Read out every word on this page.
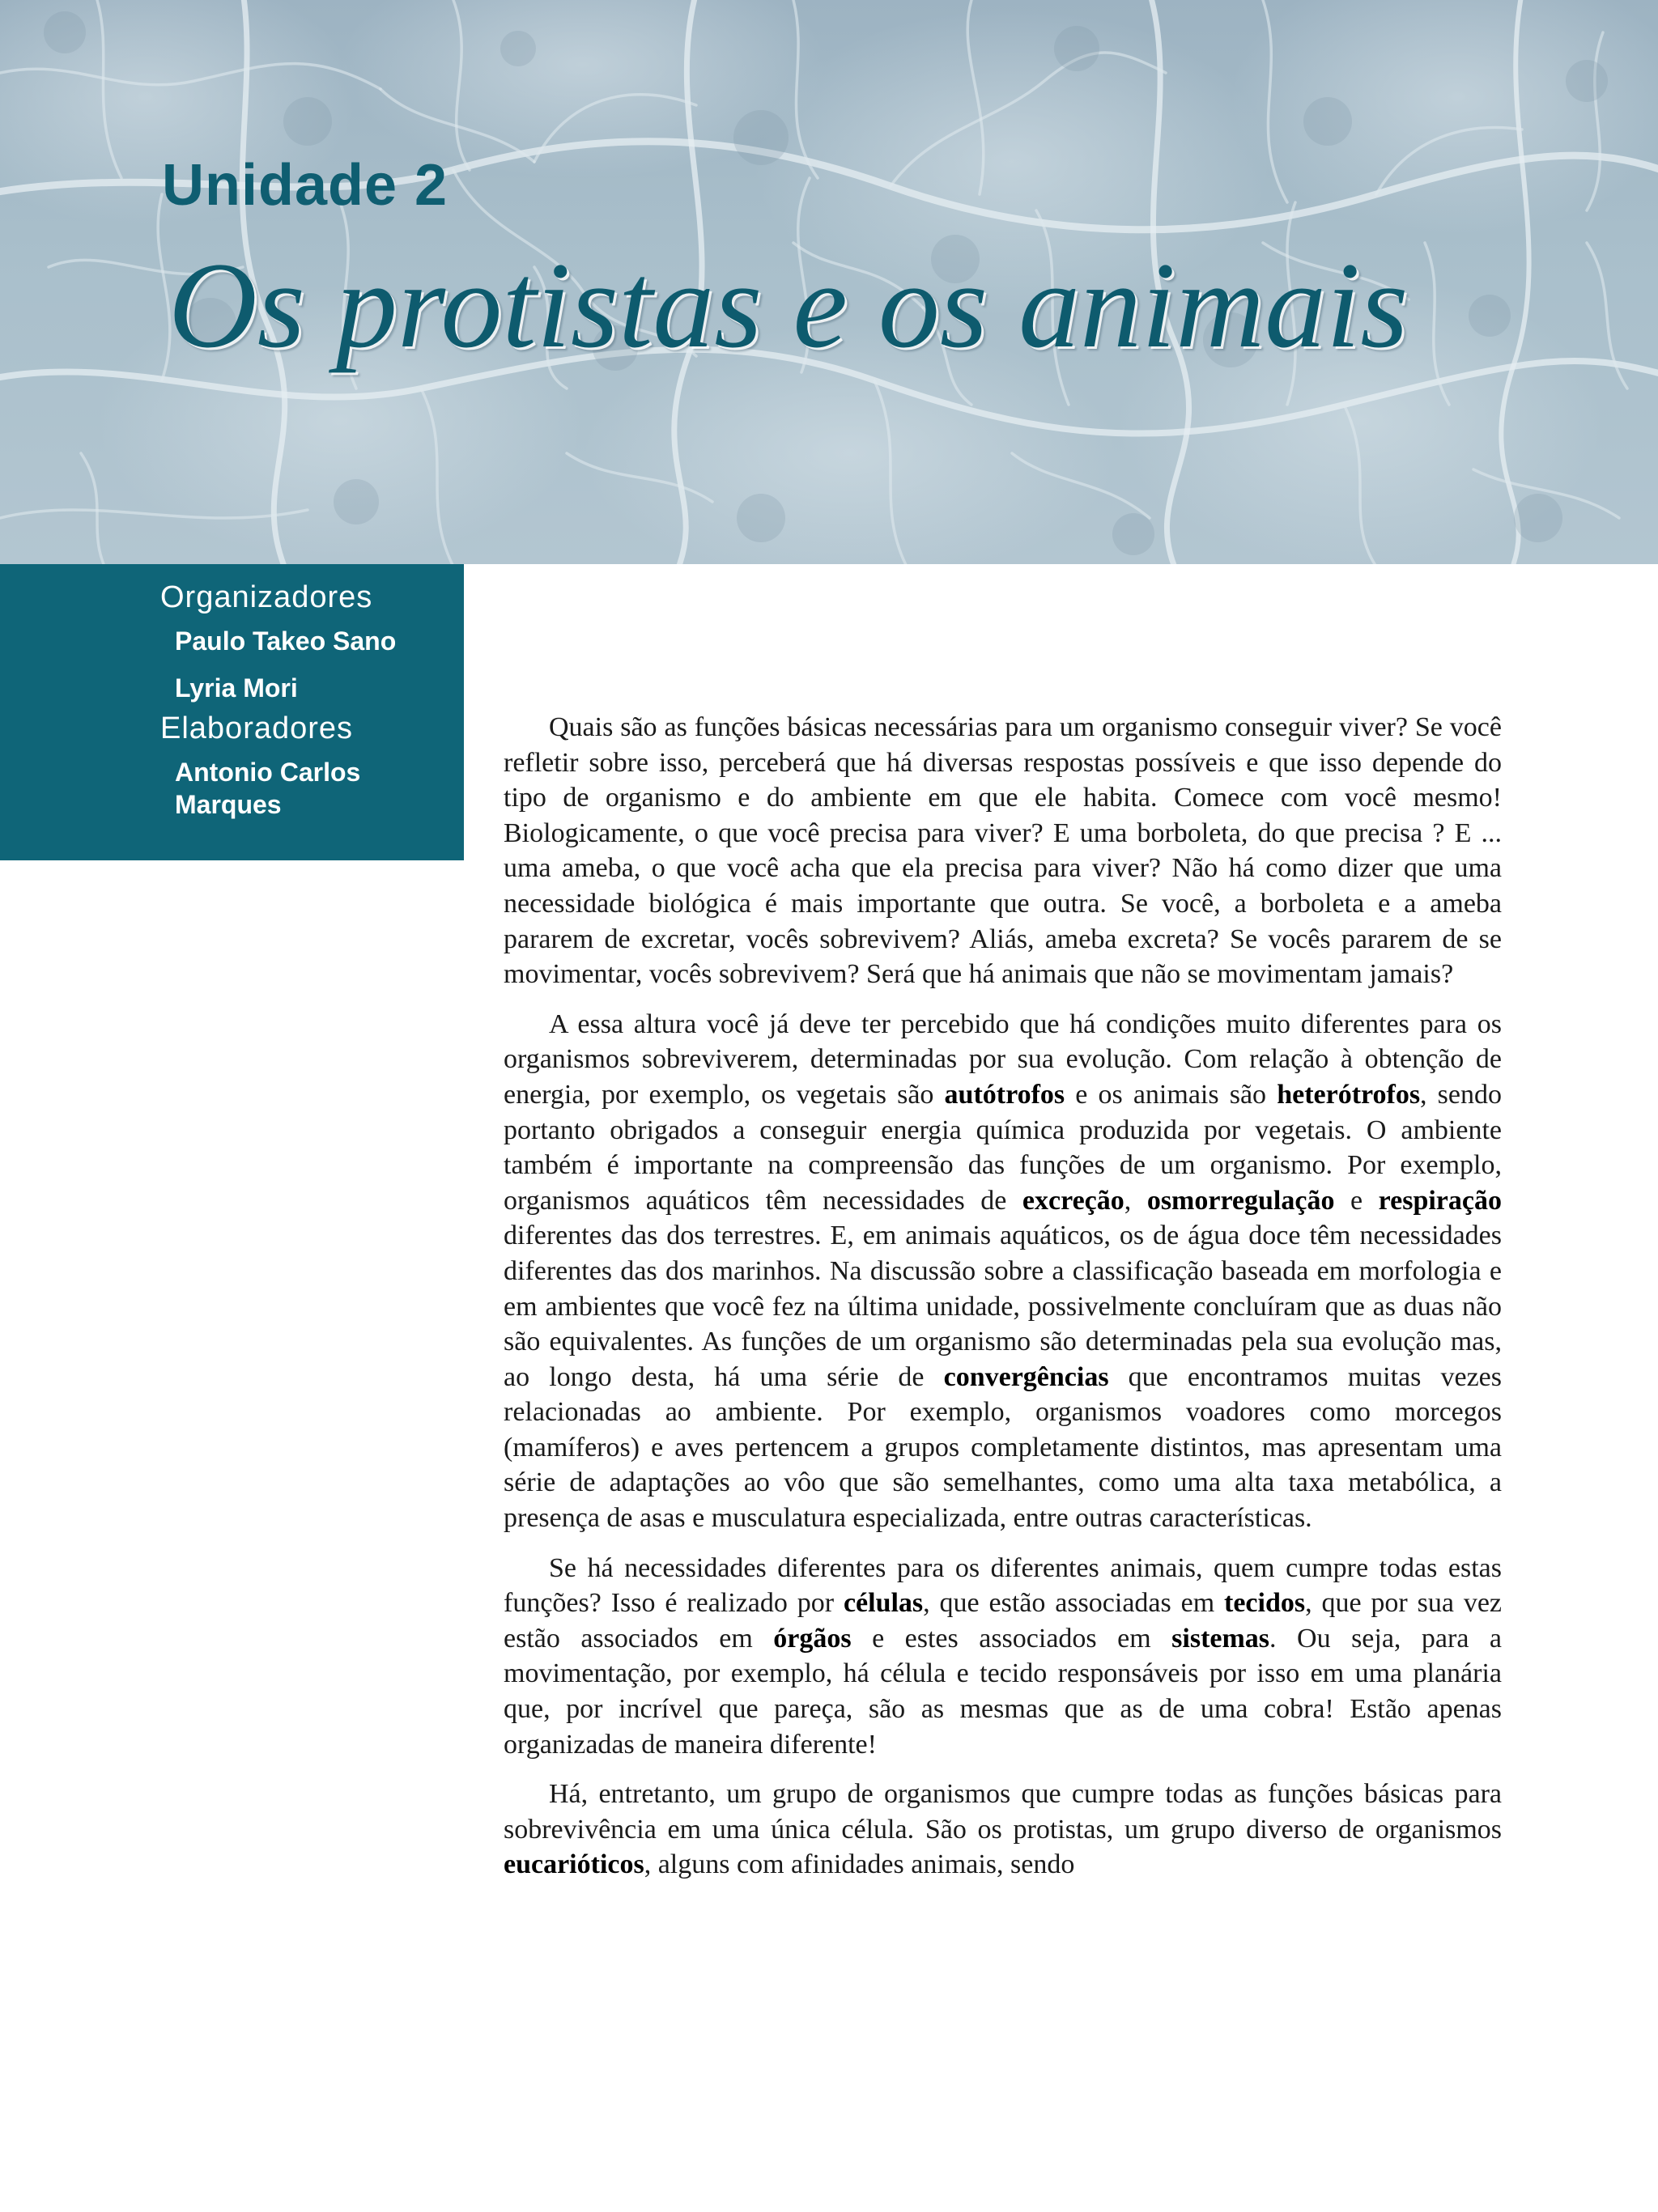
Unidade 2
Os protistas e os animais
Organizadores
Paulo Takeo Sano
Lyria Mori
Elaboradores
Antonio Carlos
Marques

Quais são as funções básicas necessárias para um organismo conseguir viver? Se você refletir sobre isso, perceberá que há diversas respostas possíveis e que isso depende do tipo de organismo e do ambiente em que ele habita. Comece com você mesmo! Biologicamente, o que você precisa para viver? E uma borboleta, do que precisa ? E ... uma ameba, o que você acha que ela precisa para viver? Não há como dizer que uma necessidade biológica é mais importante que outra. Se você, a borboleta e a ameba pararem de excretar, vocês sobrevivem? Aliás, ameba excreta? Se vocês pararem de se movimentar, vocês sobrevivem? Será que há animais que não se movimentam jamais?

A essa altura você já deve ter percebido que há condições muito diferentes para os organismos sobreviverem, determinadas por sua evolução. Com relação à obtenção de energia, por exemplo, os vegetais são autótrofos e os animais são heterótrofos, sendo portanto obrigados a conseguir energia química produzida por vegetais. O ambiente também é importante na compreensão das funções de um organismo. Por exemplo, organismos aquáticos têm necessidades de excreção, osmorregulação e respiração diferentes das dos terrestres. E, em animais aquáticos, os de água doce têm necessidades diferentes das dos marinhos. Na discussão sobre a classificação baseada em morfologia e em ambientes que você fez na última unidade, possivelmente concluíram que as duas não são equivalentes. As funções de um organismo são determinadas pela sua evolução mas, ao longo desta, há uma série de convergências que encontramos muitas vezes relacionadas ao ambiente. Por exemplo, organismos voadores como morcegos (mamíferos) e aves pertencem a grupos completamente distintos, mas apresentam uma série de adaptações ao vôo que são semelhantes, como uma alta taxa metabólica, a presença de asas e musculatura especializada, entre outras características.

Se há necessidades diferentes para os diferentes animais, quem cumpre todas estas funções? Isso é realizado por células, que estão associadas em tecidos, que por sua vez estão associados em órgãos e estes associados em sistemas. Ou seja, para a movimentação, por exemplo, há célula e tecido responsáveis por isso em uma planária que, por incrível que pareça, são as mesmas que as de uma cobra! Estão apenas organizadas de maneira diferente!

Há, entretanto, um grupo de organismos que cumpre todas as funções básicas para sobrevivência em uma única célula. São os protistas, um grupo diverso de organismos eucarióticos, alguns com afinidades animais, sendo
